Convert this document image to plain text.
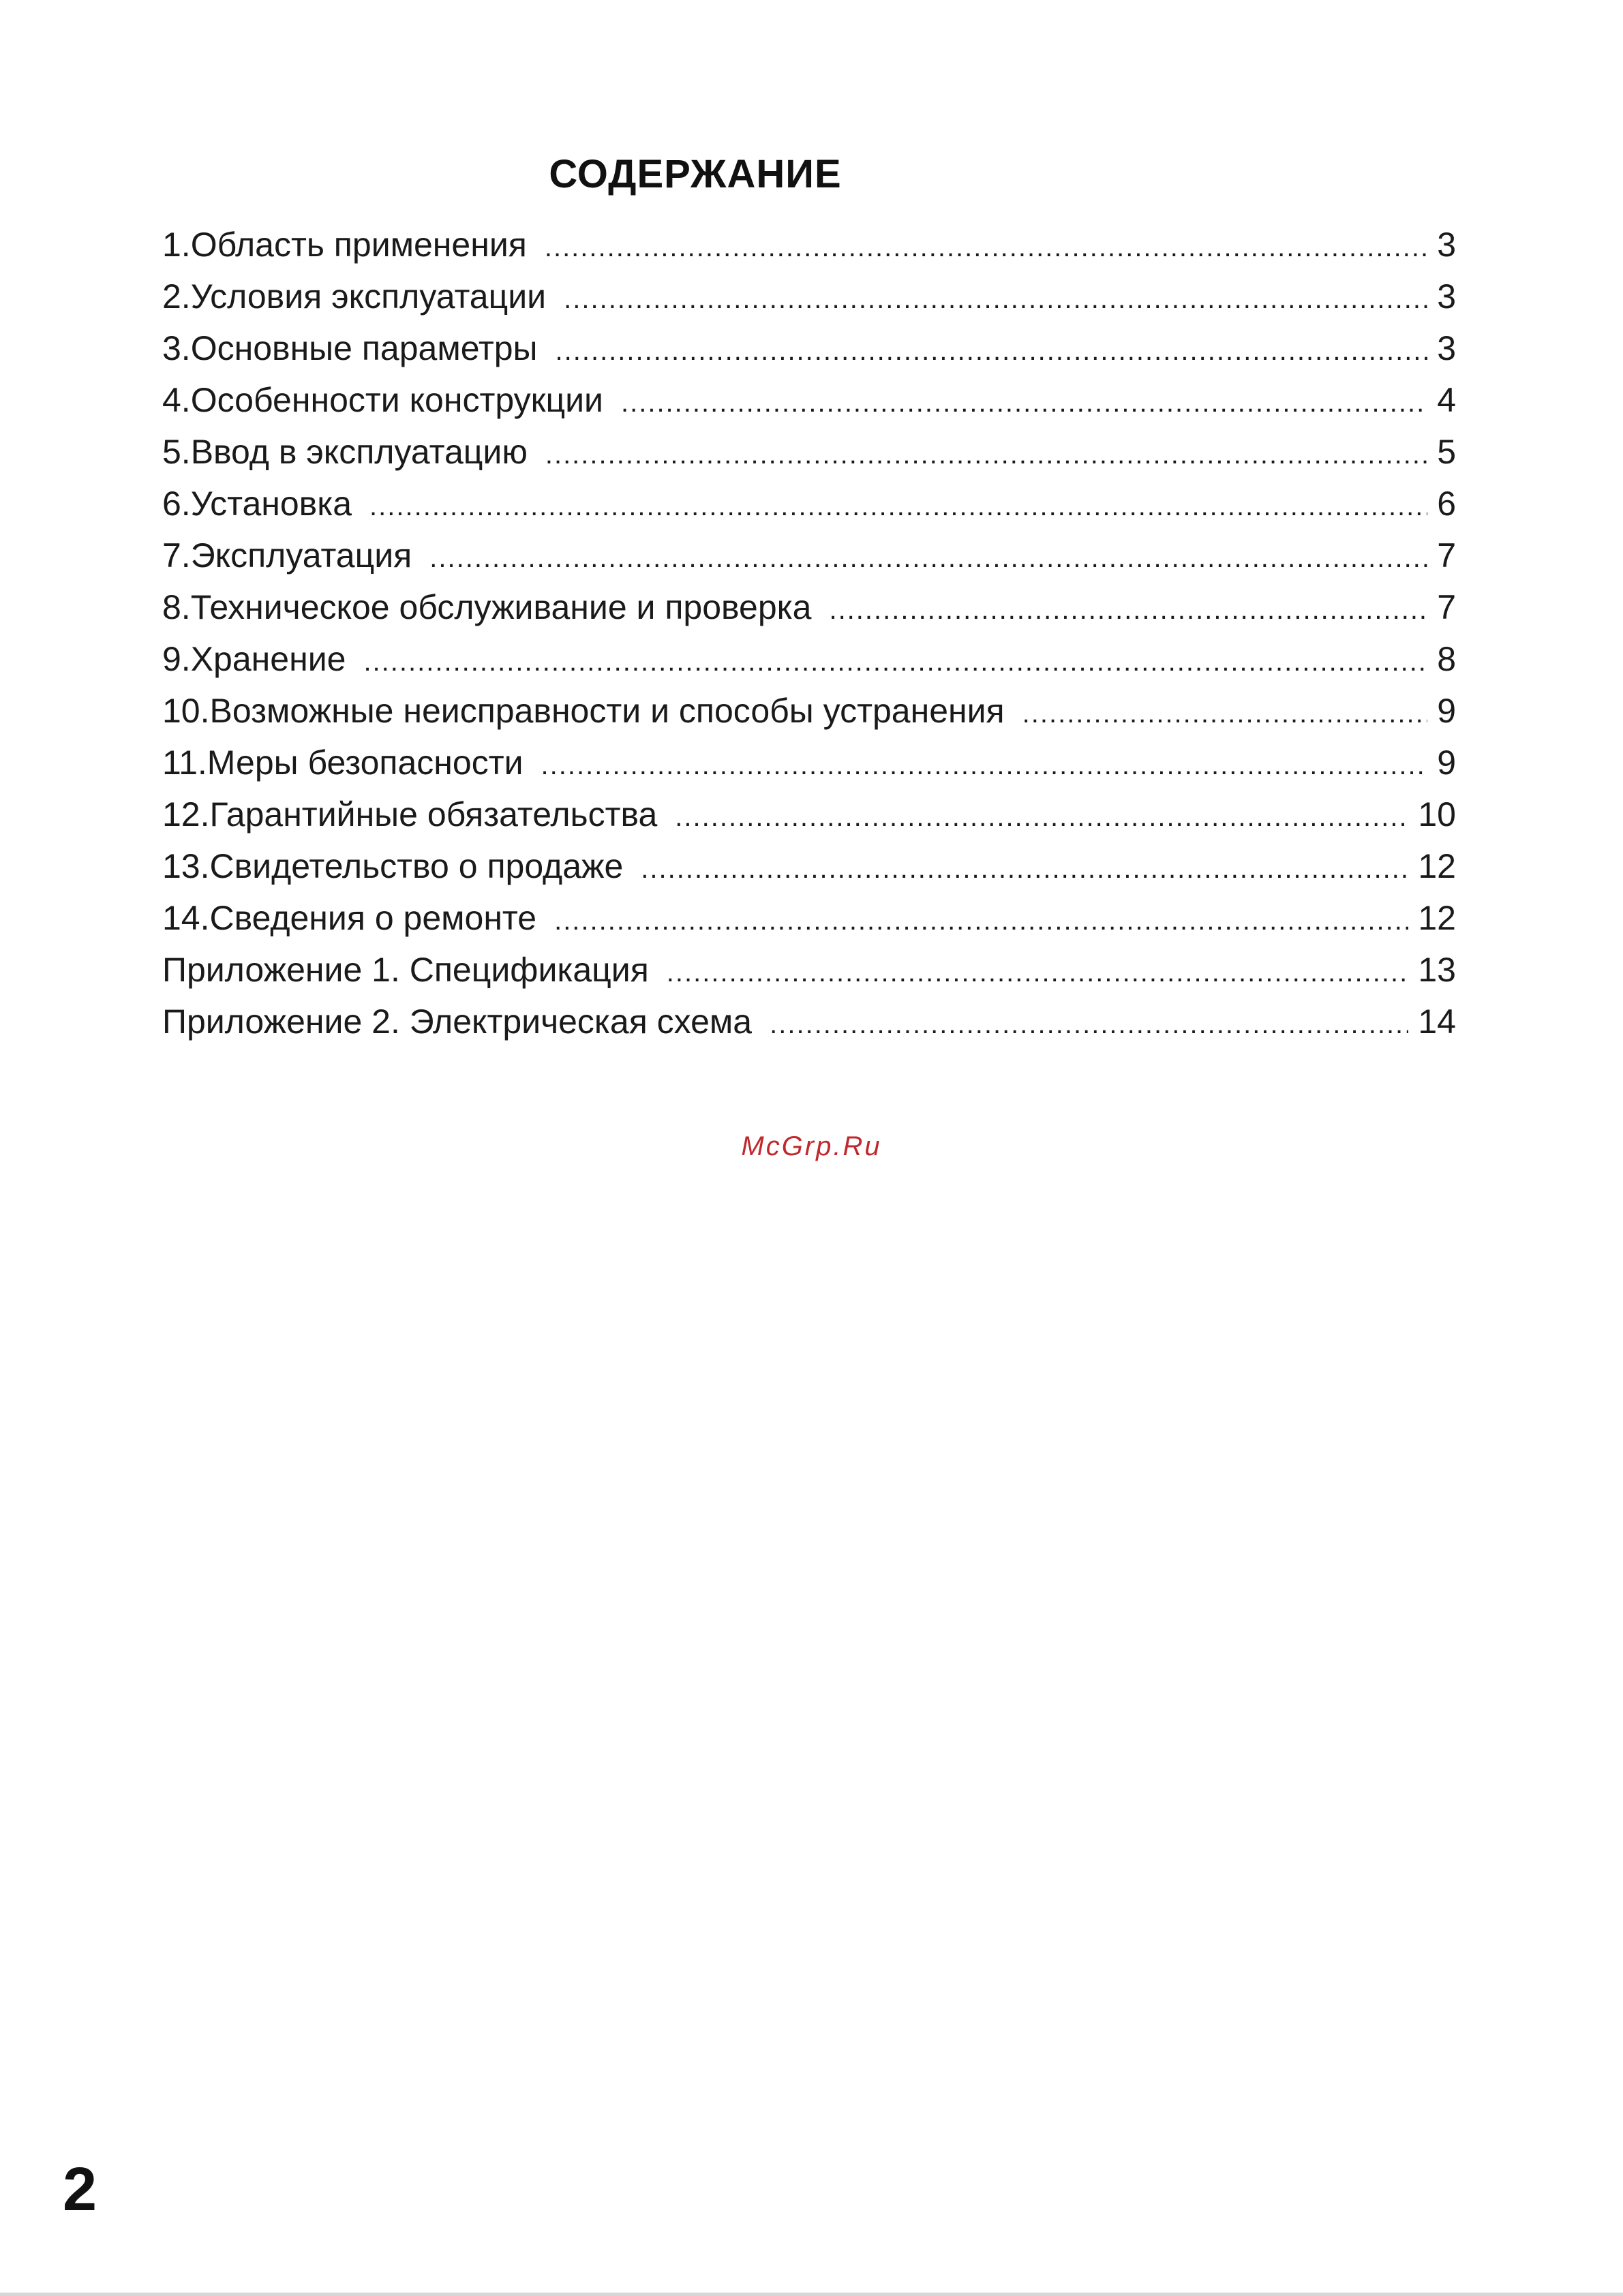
СОДЕРЖАНИЕ
1.Область применения .....	3
2.Условия эксплуатации .....	3
3.Основные параметры .....	3
4.Особенности конструкции .....	4
5.Ввод в эксплуатацию .....	5
6.Установка .....	6
7.Эксплуатация .....	7
8.Техническое обслуживание и проверка .....	7
9.Хранение .....	8
10.Возможные неисправности и способы устранения .....	9
11.Меры безопасности .....	9
12.Гарантийные обязательства .....	10
13.Свидетельство о продаже .....	12
14.Сведения о ремонте .....	12
Приложение 1. Спецификация .....	13
Приложение 2. Электрическая схема .....	14
McGrp.Ru
2
